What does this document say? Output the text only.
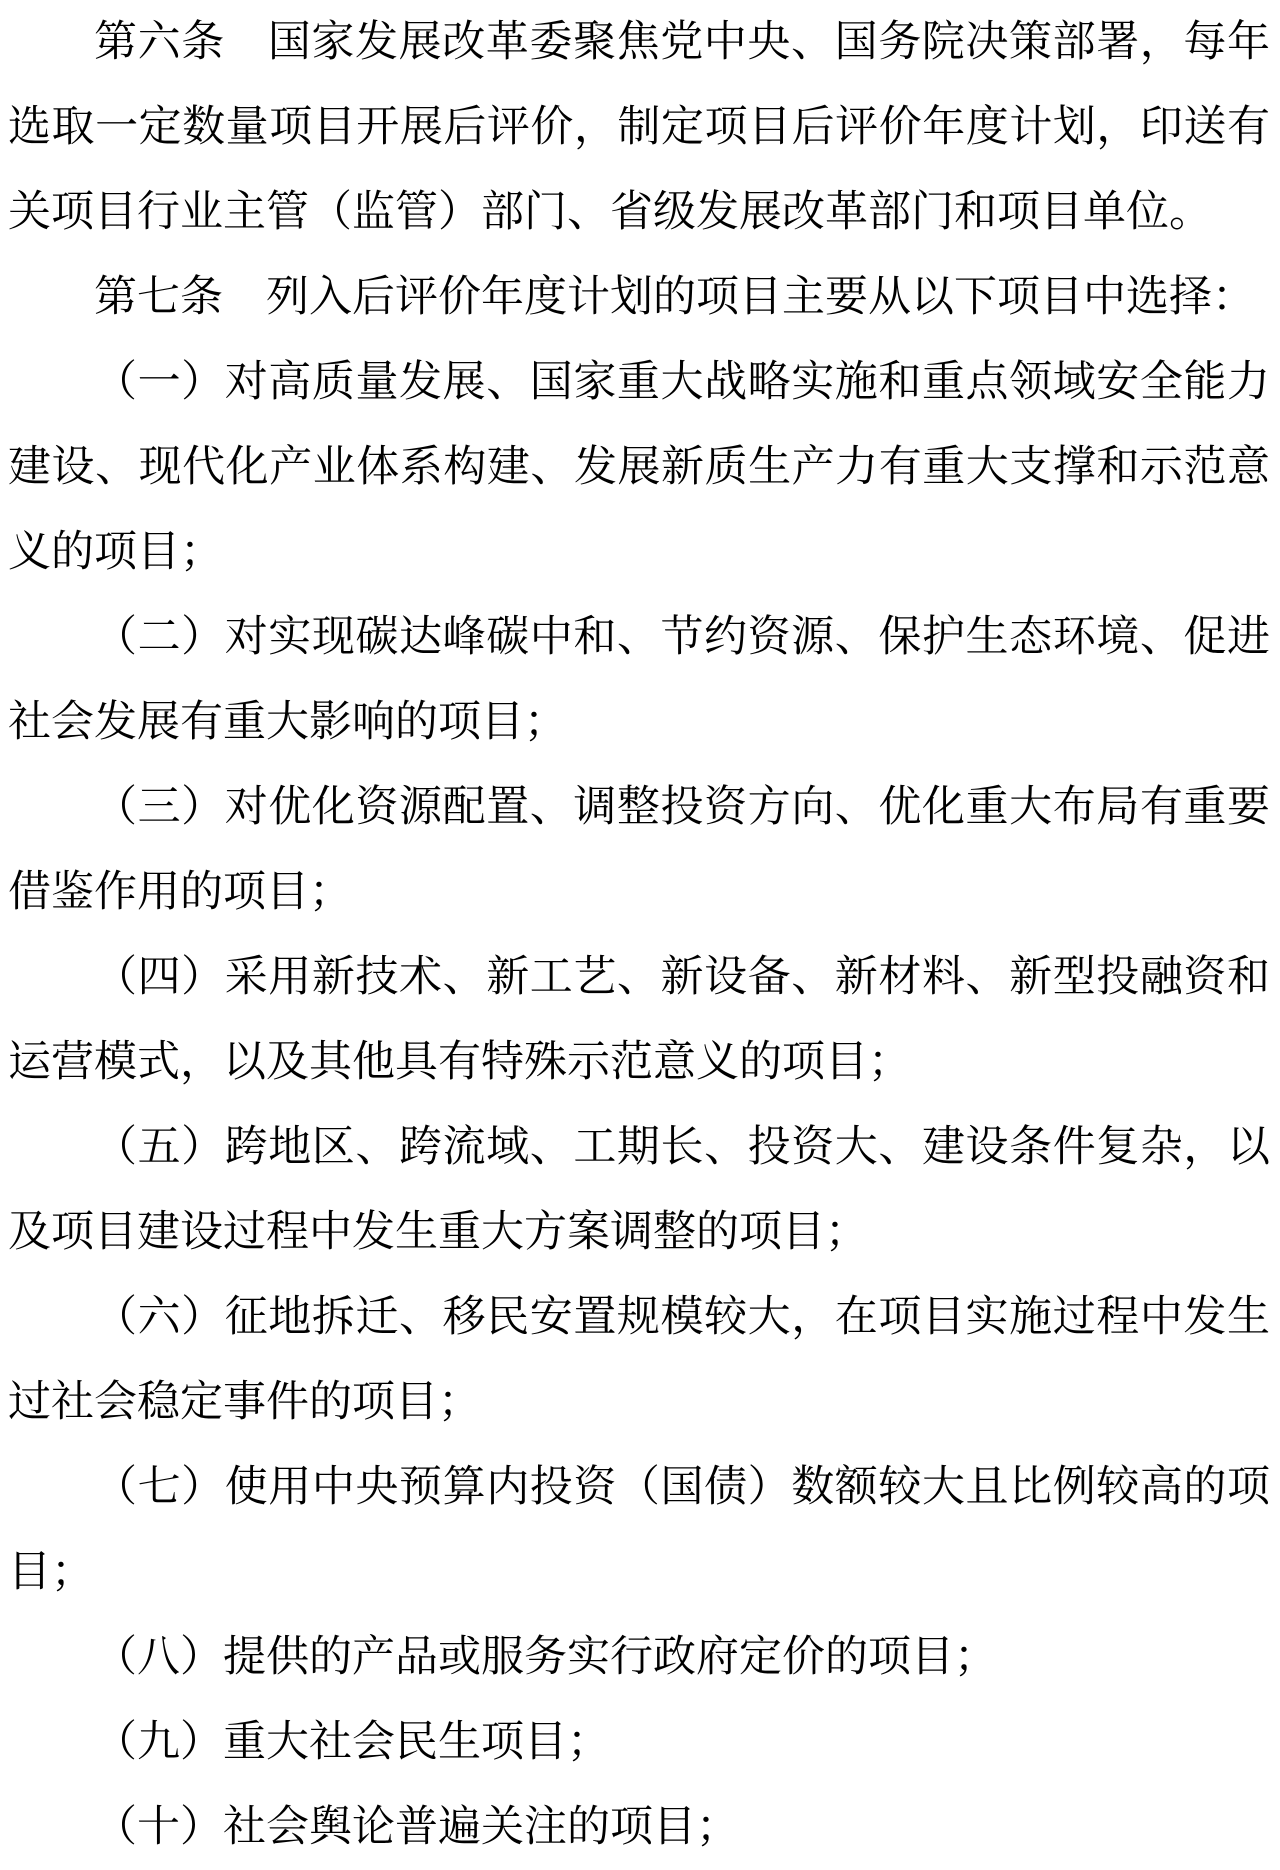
第六条 国家发展改革委聚焦党中央、国务院决策部署，每年选取一定数量项目开展后评价，制定项目后评价年度计划，印送有关项目行业主管（监管）部门、省级发展改革部门和项目单位。

第七条 列入后评价年度计划的项目主要从以下项目中选择：

（一）对高质量发展、国家重大战略实施和重点领域安全能力建设、现代化产业体系构建、发展新质生产力有重大支撑和示范意义的项目；

（二）对实现碳达峰碳中和、节约资源、保护生态环境、促进社会发展有重大影响的项目；

（三）对优化资源配置、调整投资方向、优化重大布局有重要借鉴作用的项目；

（四）采用新技术、新工艺、新设备、新材料、新型投融资和运营模式，以及其他具有特殊示范意义的项目；

（五）跨地区、跨流域、工期长、投资大、建设条件复杂，以及项目建设过程中发生重大方案调整的项目；

（六）征地拆迁、移民安置规模较大，在项目实施过程中发生过社会稳定事件的项目；

（七）使用中央预算内投资（国债）数额较大且比例较高的项目；

（八）提供的产品或服务实行政府定价的项目；

（九）重大社会民生项目；

（十）社会舆论普遍关注的项目；
